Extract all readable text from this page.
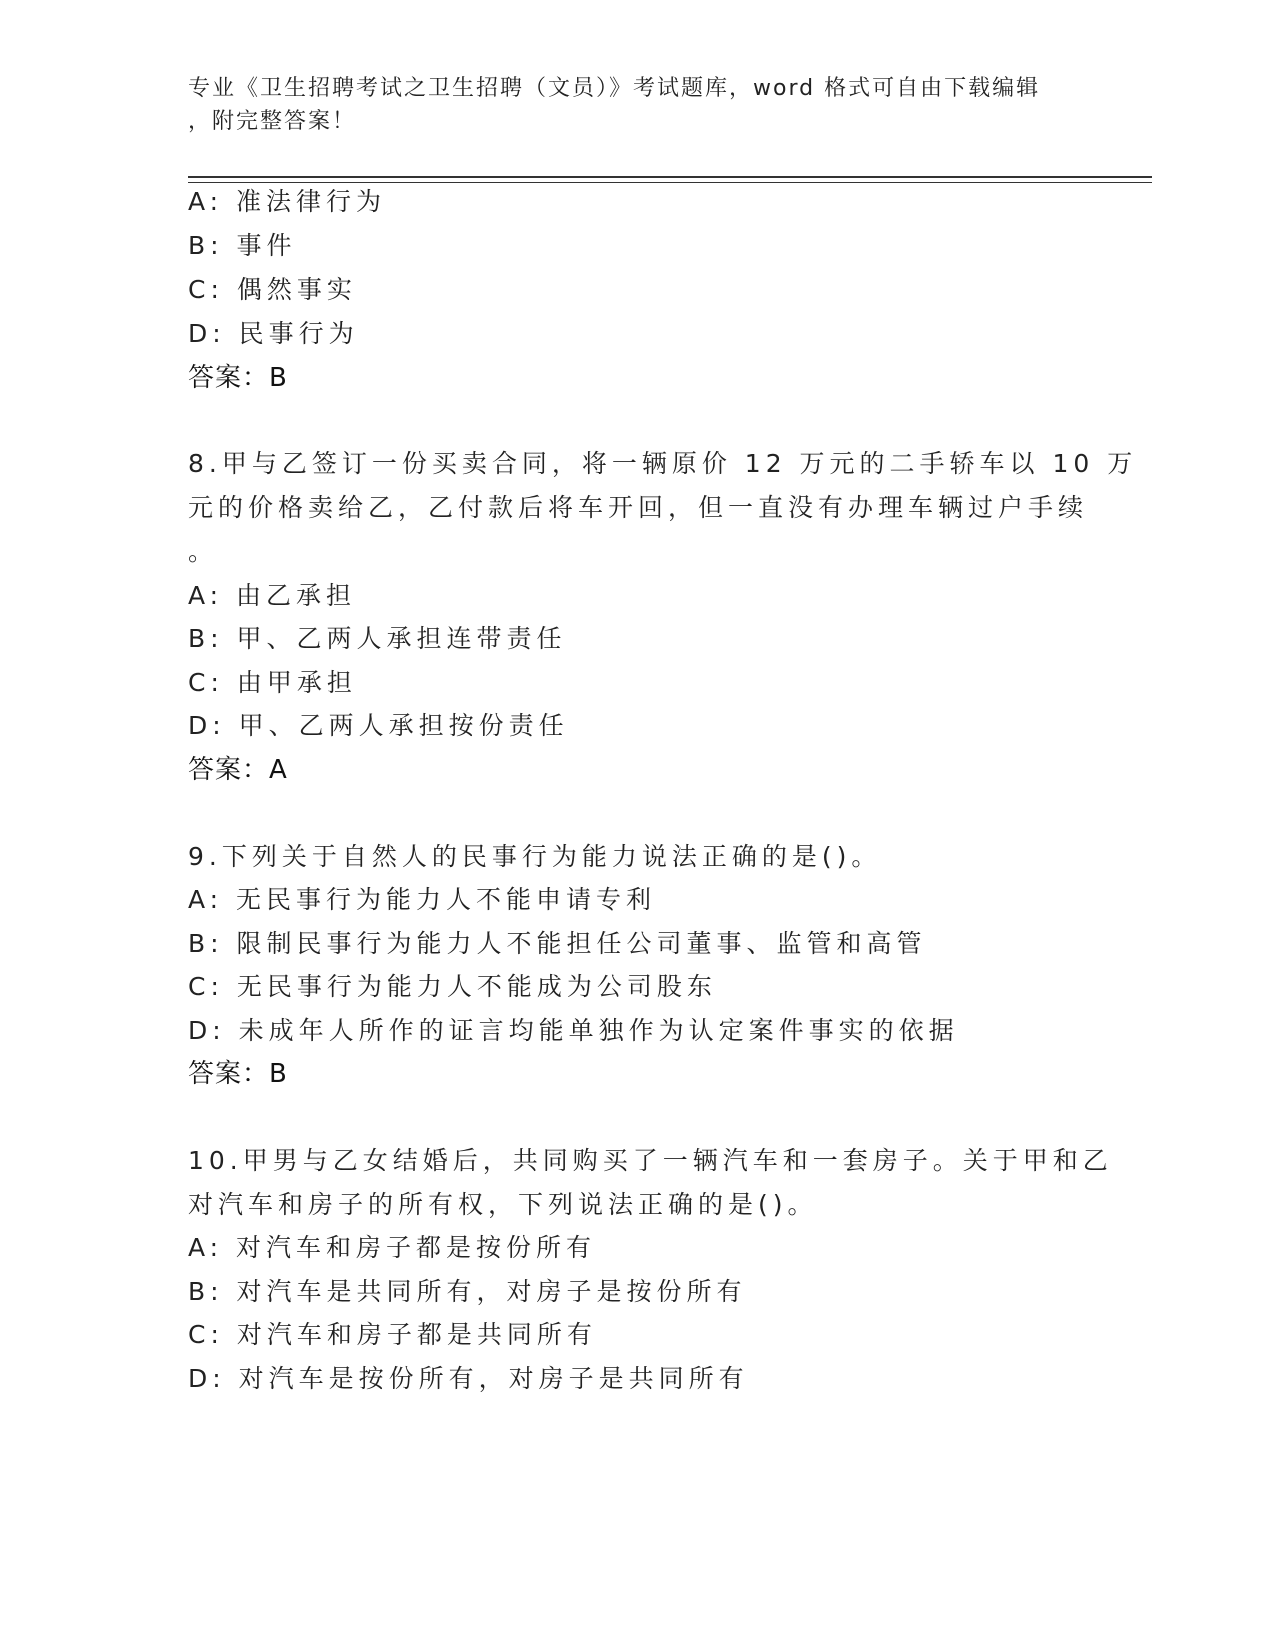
专业《卫生招聘考试之卫生招聘（文员）》考试题库，word 格式可自由下载编辑
，附完整答案！
A: 准法律行为
B: 事件
C: 偶然事实
D: 民事行为
答案：B
8.甲与乙签订一份买卖合同，将一辆原价 12 万元的二手轿车以 10 万
元的价格卖给乙，乙付款后将车开回，但一直没有办理车辆过户手续
。
A: 由乙承担
B: 甲、乙两人承担连带责任
C: 由甲承担
D: 甲、乙两人承担按份责任
答案：A
9.下列关于自然人的民事行为能力说法正确的是()。
A: 无民事行为能力人不能申请专利
B: 限制民事行为能力人不能担任公司董事、监管和高管
C: 无民事行为能力人不能成为公司股东
D: 未成年人所作的证言均能单独作为认定案件事实的依据
答案：B
10.甲男与乙女结婚后，共同购买了一辆汽车和一套房子。关于甲和乙
对汽车和房子的所有权，下列说法正确的是()。
A: 对汽车和房子都是按份所有
B: 对汽车是共同所有，对房子是按份所有
C: 对汽车和房子都是共同所有
D: 对汽车是按份所有，对房子是共同所有
